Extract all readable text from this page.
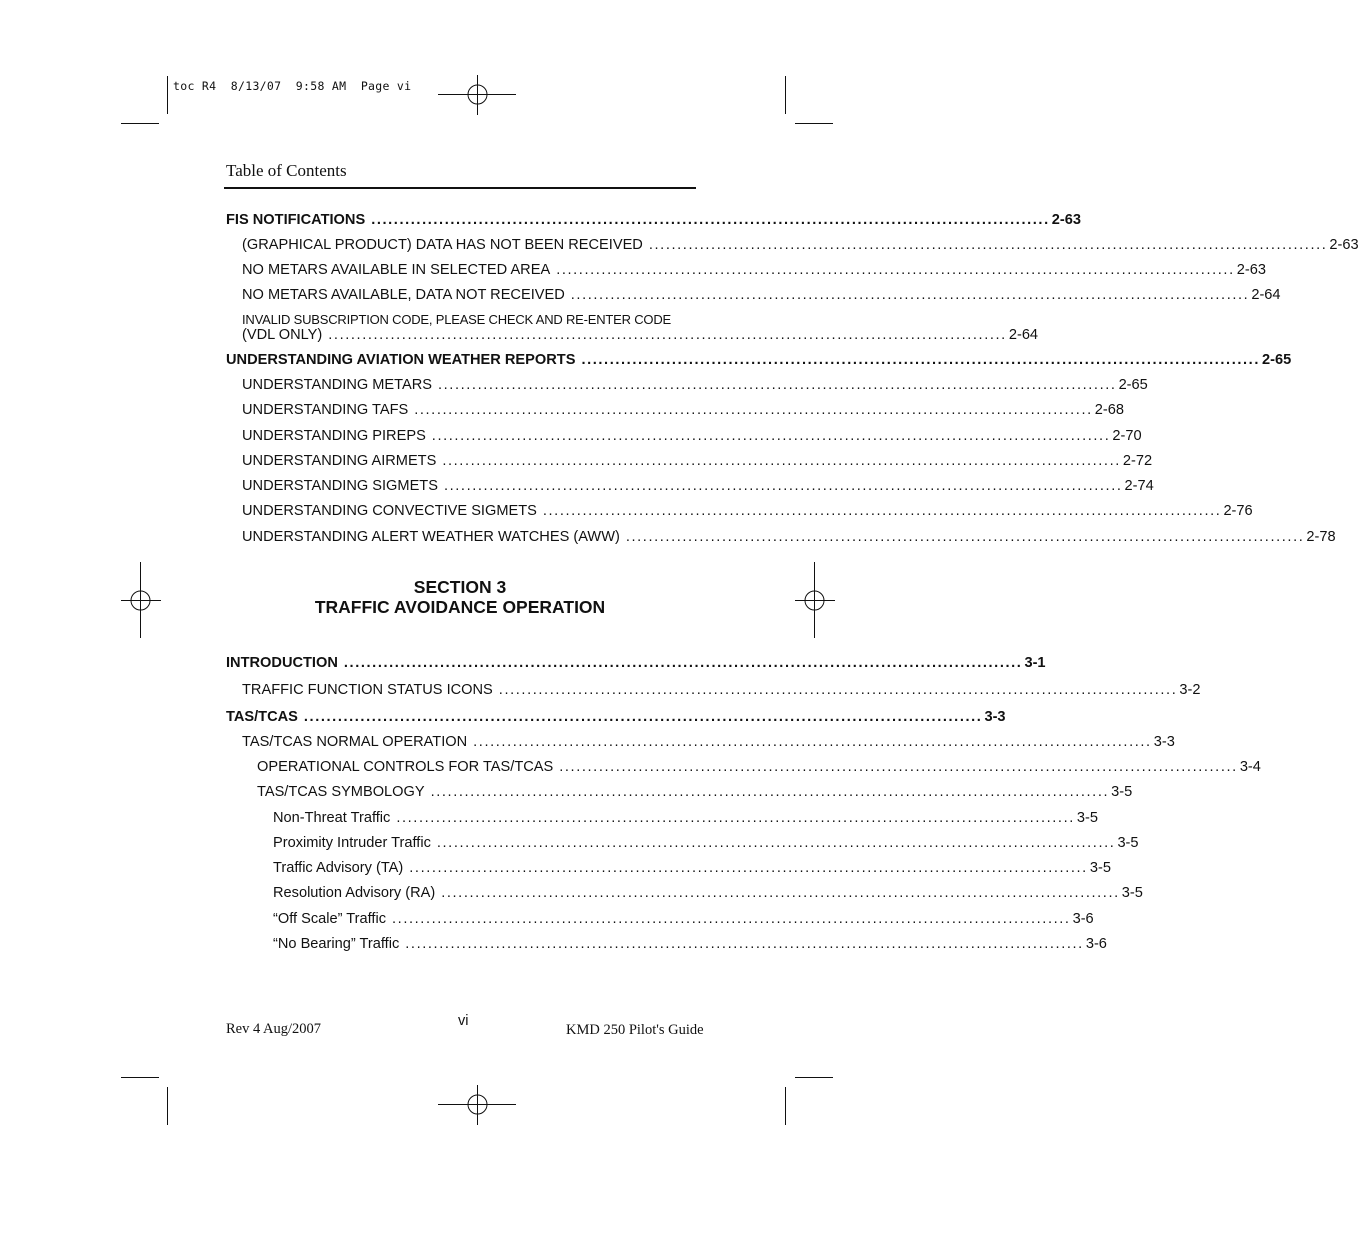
toc R4  8/13/07  9:58 AM  Page vi
Table of Contents
FIS NOTIFICATIONS ........................................................................................................................ 2-63
(GRAPHICAL PRODUCT) DATA HAS NOT BEEN RECEIVED ........................................................................................................................ 2-63
NO METARS AVAILABLE IN SELECTED AREA ........................................................................................................................ 2-63
NO METARS AVAILABLE, DATA NOT RECEIVED ........................................................................................................................ 2-64
INVALID SUBSCRIPTION CODE, PLEASE CHECK AND RE-ENTER CODE
(VDL ONLY) ........................................................................................................................ 2-64
UNDERSTANDING AVIATION WEATHER REPORTS ........................................................................................................................ 2-65
UNDERSTANDING METARS ........................................................................................................................ 2-65
UNDERSTANDING TAFS ........................................................................................................................ 2-68
UNDERSTANDING PIREPS ........................................................................................................................ 2-70
UNDERSTANDING AIRMETS ........................................................................................................................ 2-72
UNDERSTANDING SIGMETS ........................................................................................................................ 2-74
UNDERSTANDING CONVECTIVE SIGMETS ........................................................................................................................ 2-76
UNDERSTANDING ALERT WEATHER WATCHES (AWW) ........................................................................................................................ 2-78
SECTION 3
TRAFFIC AVOIDANCE OPERATION
INTRODUCTION ........................................................................................................................ 3-1
TRAFFIC FUNCTION STATUS ICONS ........................................................................................................................ 3-2
TAS/TCAS ........................................................................................................................ 3-3
TAS/TCAS NORMAL OPERATION ........................................................................................................................ 3-3
OPERATIONAL CONTROLS FOR TAS/TCAS ........................................................................................................................ 3-4
TAS/TCAS SYMBOLOGY ........................................................................................................................ 3-5
Non-Threat Traffic ........................................................................................................................ 3-5
Proximity Intruder Traffic ........................................................................................................................ 3-5
Traffic Advisory (TA) ........................................................................................................................ 3-5
Resolution Advisory (RA) ........................................................................................................................ 3-5
“Off Scale” Traffic ........................................................................................................................ 3-6
“No Bearing” Traffic ........................................................................................................................ 3-6
Rev 4 Aug/2007	vi
KMD 250 Pilot's Guide
